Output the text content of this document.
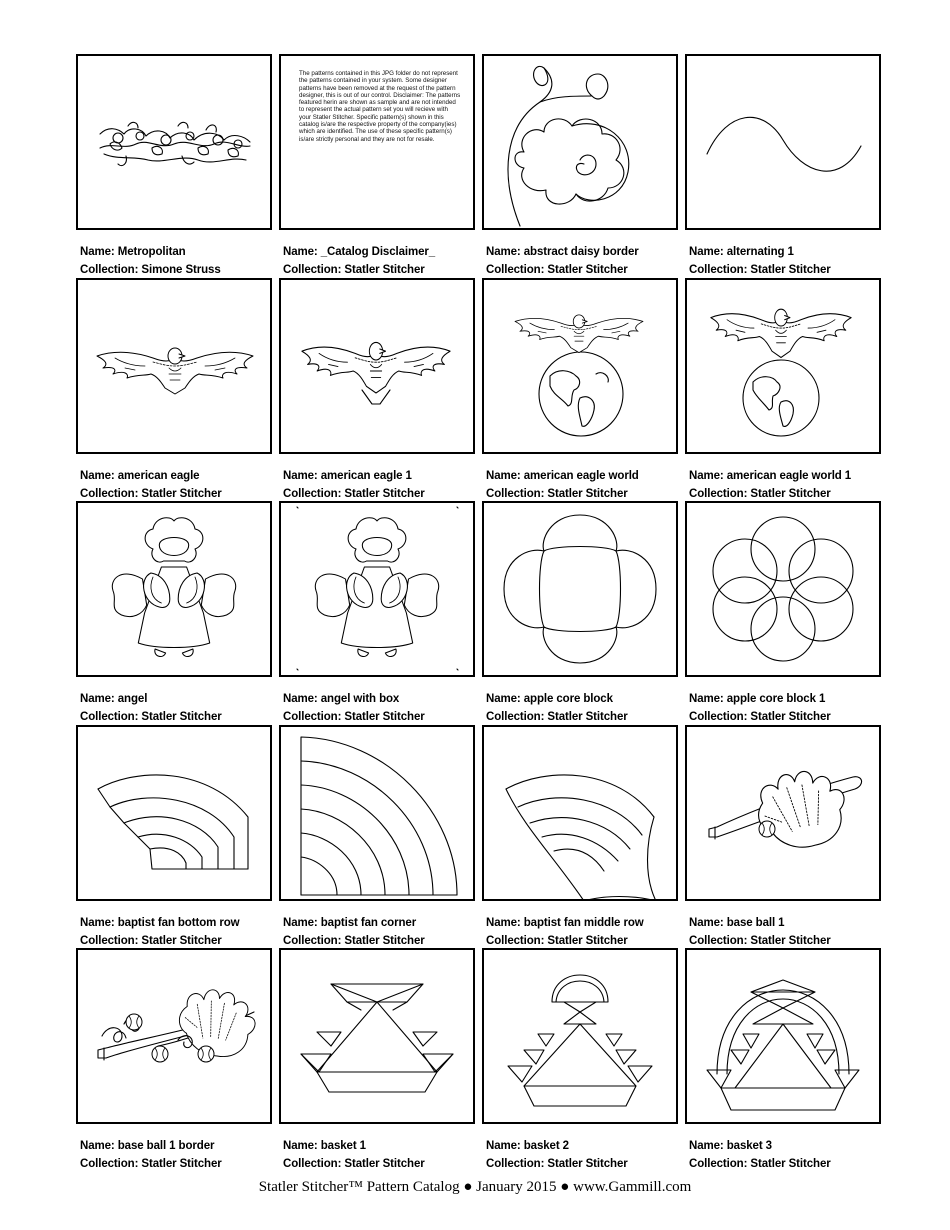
Name: Metropolitan
Collection: Simone Struss
The patterns contained in this JPG folder do not represent the patterns contained in your system. Some designer patterns have been removed at the request of the pattern designer, this is out of our control. Disclaimer: The patterns featured herin are shown as sample and are not intended to represent the actual pattern set you will recieve with your Statler Stitcher. Specific pattern(s) shown in this catalog is/are the respective property of the company(ies) which are identified. The use of these specific pattern(s) is/are strictly personal and they are not for resale.
Name: _Catalog Disclaimer_
Collection: Statler Stitcher
Name: abstract daisy border
Collection: Statler Stitcher
Name: alternating 1
Collection: Statler Stitcher
Name: american eagle
Collection: Statler Stitcher
Name: american eagle 1
Collection: Statler Stitcher
Name: american eagle world
Collection: Statler Stitcher
Name: american eagle world 1
Collection: Statler Stitcher
Name: angel
Collection: Statler Stitcher
Name: angel with box
Collection: Statler Stitcher
Name: apple core block
Collection: Statler Stitcher
Name: apple core block 1
Collection: Statler Stitcher
Name: baptist fan bottom row
Collection: Statler Stitcher
Name: baptist fan corner
Collection: Statler Stitcher
Name: baptist fan middle row
Collection: Statler Stitcher
Name: base ball 1
Collection: Statler Stitcher
Name: base ball 1 border
Collection: Statler Stitcher
Name: basket 1
Collection: Statler Stitcher
Name: basket 2
Collection: Statler Stitcher
Name: basket 3
Collection: Statler Stitcher
Statler Stitcher™ Pattern Catalog ● January 2015 ● www.Gammill.com
